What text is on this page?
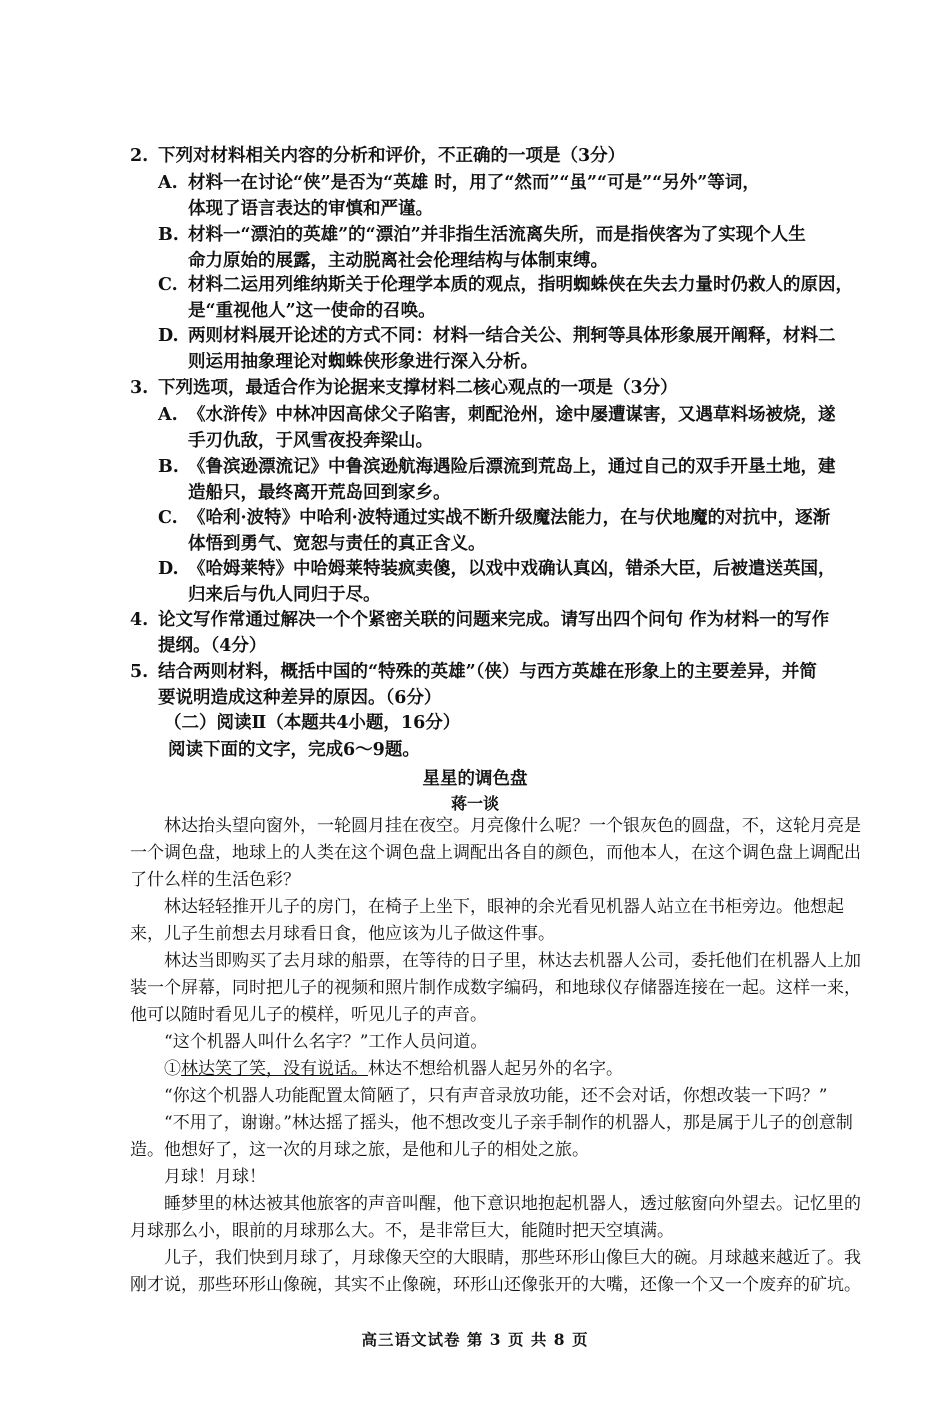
2. 下列对材料相关内容的分析和评价，不正确的一项是（3分）
A. 材料一在讨论“侠”是否为“英雄 时，用了“然而”“虽”“可是”“另外”等词，
体现了语言表达的审慎和严谨。
B. 材料一“漂泊的英雄”的“漂泊”并非指生活流离失所，而是指侠客为了实现个人生
命力原始的展露，主动脱离社会伦理结构与体制束缚。
C. 材料二运用列维纳斯关于伦理学本质的观点，指明蜘蛛侠在失去力量时仍救人的原因，
是“重视他人”这一使命的召唤。
D. 两则材料展开论述的方式不同：材料一结合关公、荆轲等具体形象展开阐释，材料二
则运用抽象理论对蜘蛛侠形象进行深入分析。
3. 下列选项，最适合作为论据来支撑材料二核心观点的一项是（3分）
A. 《水浒传》中林冲因高俅父子陷害，刺配沧州，途中屡遭谋害，又遇草料场被烧，遂
手刃仇敌，于风雪夜投奔梁山。
B. 《鲁滨逊漂流记》中鲁滨逊航海遇险后漂流到荒岛上，通过自己的双手开垦土地，建
造船只，最终离开荒岛回到家乡。
C. 《哈利·波特》中哈利·波特通过实战不断升级魔法能力，在与伏地魔的对抗中，逐渐
体悟到勇气、宽恕与责任的真正含义。
D. 《哈姆莱特》中哈姆莱特装疯卖傻，以戏中戏确认真凶，错杀大臣，后被遣送英国，
归来后与仇人同归于尽。
4. 论文写作常通过解决一个个紧密关联的问题来完成。请写出四个问句 作为材料一的写作
提纲。（4分）
5. 结合两则材料，概括中国的“特殊的英雄”（侠）与西方英雄在形象上的主要差异，并简
要说明造成这种差异的原因。（6分）
（二）阅读Ⅱ（本题共4小题，16分）
阅读下面的文字，完成6～9题。
星星的调色盘
蒋一谈

林达抬头望向窗外，一轮圆月挂在夜空。月亮像什么呢？一个银灰色的圆盘，不，这轮月亮是一个调色盘，地球上的人类在这个调色盘上调配出各自的颜色，而他本人，在这个调色盘上调配出了什么样的生活色彩？

林达轻轻推开儿子的房门，在椅子上坐下，眼神的余光看见机器人站立在书柜旁边。他想起来，儿子生前想去月球看日食，他应该为儿子做这件事。

林达当即购买了去月球的船票，在等待的日子里，林达去机器人公司，委托他们在机器人上加装一个屏幕，同时把儿子的视频和照片制作成数字编码，和地球仪存储器连接在一起。这样一来，他可以随时看见儿子的模样，听见儿子的声音。

“这个机器人叫什么名字？”工作人员问道。

①林达笑了笑，没有说话。林达不想给机器人起另外的名字。

“你这个机器人功能配置太简陋了，只有声音录放功能，还不会对话，你想改装一下吗？”

“不用了，谢谢。”林达摇了摇头，他不想改变儿子亲手制作的机器人，那是属于儿子的创意制造。他想好了，这一次的月球之旅，是他和儿子的相处之旅。

月球！月球！

睡梦里的林达被其他旅客的声音叫醒，他下意识地抱起机器人，透过舷窗向外望去。记忆里的月球那么小，眼前的月球那么大。不，是非常巨大，能随时把天空填满。

儿子，我们快到月球了，月球像天空的大眼睛，那些环形山像巨大的碗。月球越来越近了。我刚才说，那些环形山像碗，其实不止像碗，环形山还像张开的大嘴，还像一个又一个废弃的矿坑。

高三语文试卷 第 3 页 共 8 页
